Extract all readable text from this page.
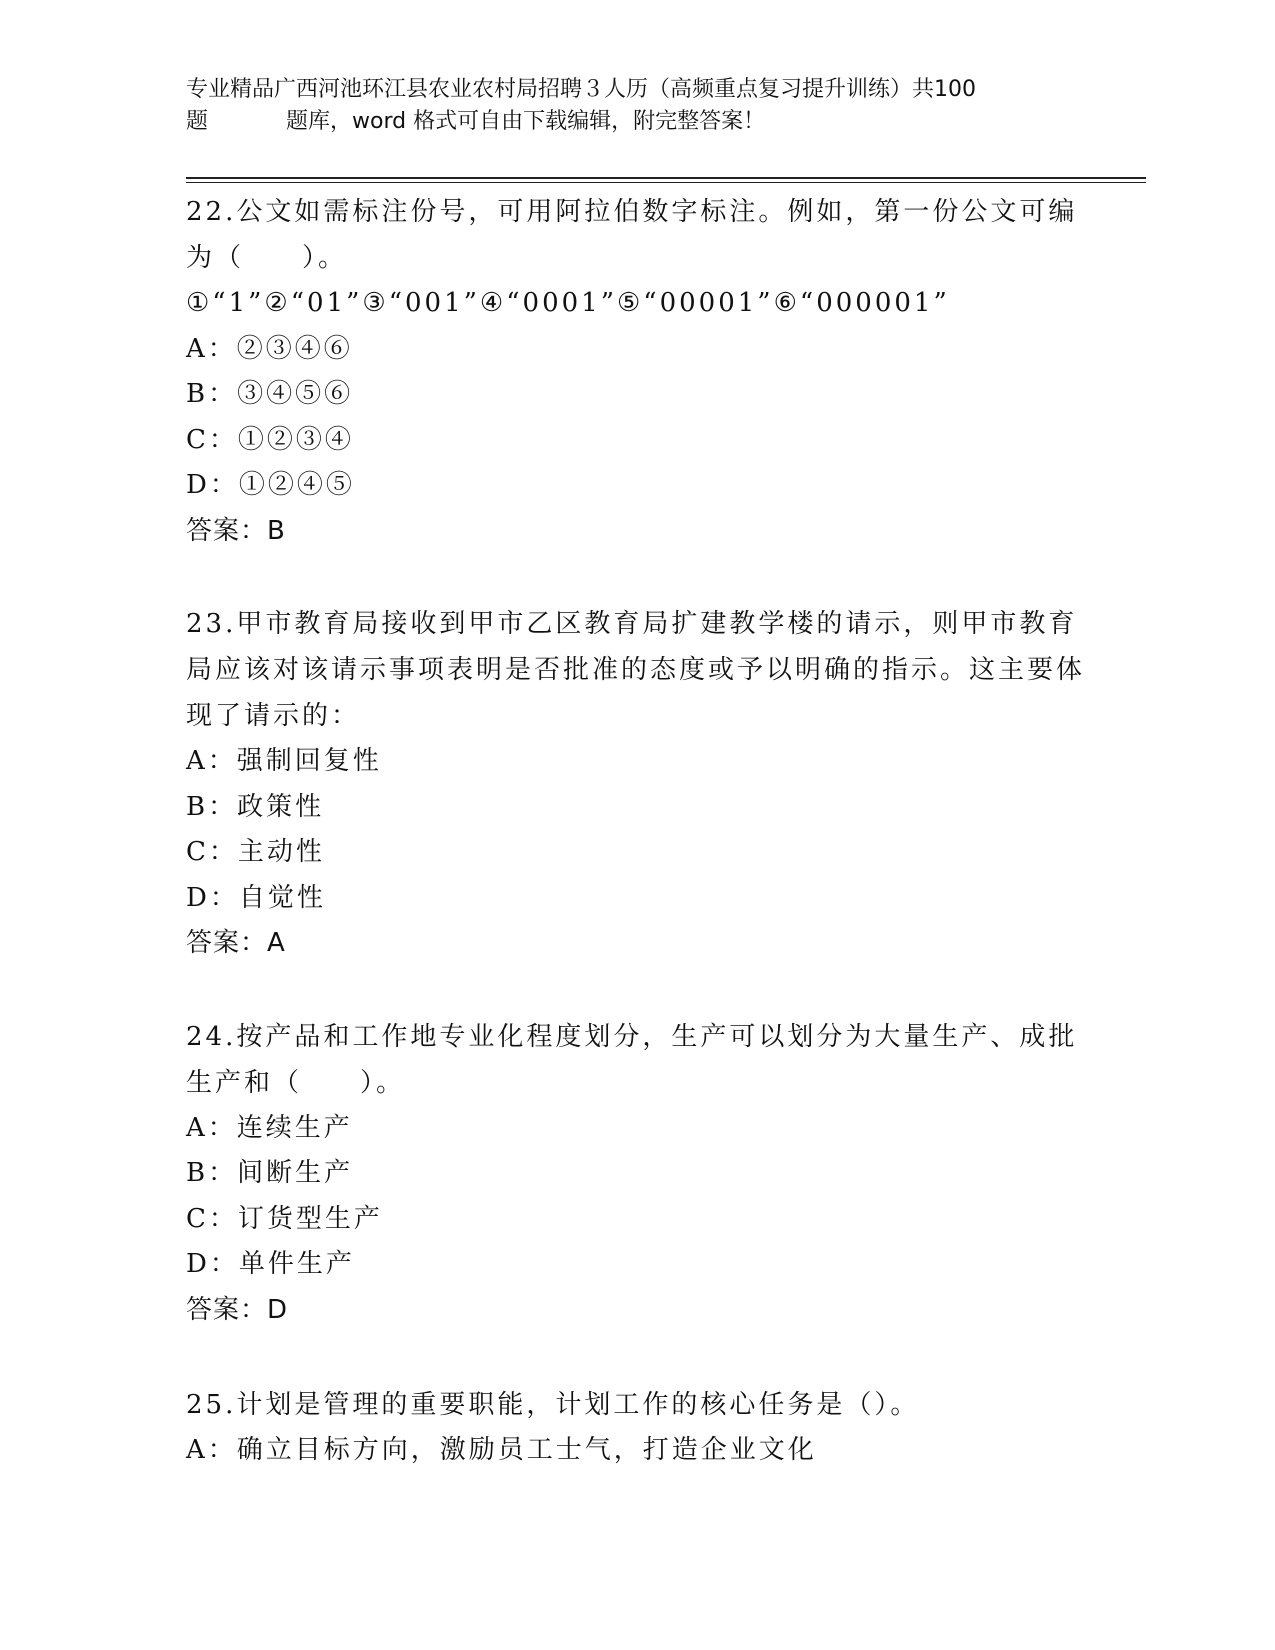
专业精品广西河池环江县农业农村局招聘３人历（高频重点复习提升训练）共100
题	题库，word 格式可自由下载编辑，附完整答案！
22.公文如需标注份号，可用阿拉伯数字标注。例如，第一份公文可编为（　　）。
①“1”②“01”③“001”④“0001”⑤“00001”⑥“000001”
A：②③④⑥
B：③④⑤⑥
C：①②③④
D：①②④⑤
答案：B
23.甲市教育局接收到甲市乙区教育局扩建教学楼的请示，则甲市教育局应该对该请示事项表明是否批准的态度或予以明确的指示。这主要体现了请示的：
A：强制回复性
B：政策性
C：主动性
D：自觉性
答案：A
24.按产品和工作地专业化程度划分，生产可以划分为大量生产、成批生产和（　　）。
A：连续生产
B：间断生产
C：订货型生产
D：单件生产
答案：D
25.计划是管理的重要职能，计划工作的核心任务是（）。
A：确立目标方向，激励员工士气，打造企业文化
